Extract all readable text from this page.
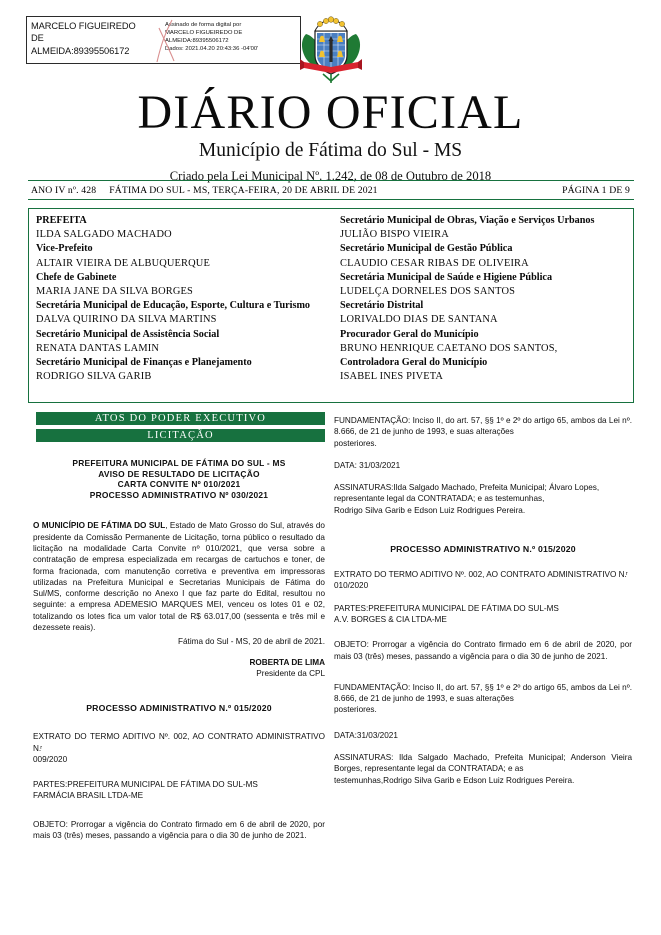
MARCELO FIGUEIREDO
DE
ALMEIDA:89395506172
Assinado de forma digital por
MARCELO FIGUEIREDO DE
ALMEIDA:89395506172
Dados: 2021.04.20 20:43:36 -04'00'
DIÁRIO OFICIAL
Município de Fátima do Sul - MS
Criado pela Lei Municipal Nº. 1.242, de 08 de Outubro de 2018
ANO IV nº. 428	FÁTIMA DO SUL - MS, TERÇA-FEIRA, 20 DE ABRIL DE 2021	PÁGINA 1 DE 9
PREFEITA
ILDA SALGADO MACHADO
Vice-Prefeito
ALTAIR VIEIRA DE ALBUQUERQUE
Chefe de Gabinete
MARIA JANE DA SILVA BORGES
Secretária Municipal de Educação, Esporte, Cultura e Turismo
DALVA QUIRINO DA SILVA MARTINS
Secretário Municipal de Assistência Social
RENATA DANTAS LAMIN
Secretário Municipal de Finanças e Planejamento
RODRIGO SILVA GARIB
Secretário Municipal de Obras, Viação e Serviços Urbanos
JULIÃO BISPO VIEIRA
Secretário Municipal de Gestão Pública
CLAUDIO CESAR RIBAS DE OLIVEIRA
Secretária Municipal de Saúde e Higiene Pública
LUDELÇA DORNELES DOS SANTOS
Secretário Distrital
LORIVALDO DIAS DE SANTANA
Procurador Geral do Município
BRUNO HENRIQUE CAETANO DOS SANTOS,
Controladora Geral do Município
ISABEL INES PIVETA
ATOS DO PODER EXECUTIVO
LICITAÇÃO
PREFEITURA MUNICIPAL DE FÁTIMA DO SUL - MS
AVISO DE RESULTADO DE LICITAÇÃO
CARTA CONVITE Nº 010/2021
PROCESSO ADMINISTRATIVO Nº 030/2021

O MUNICÍPIO DE FÁTIMA DO SUL, Estado de Mato Grosso do Sul, através do presidente da Comissão Permanente de Licitação, torna público o resultado da licitação na modalidade Carta Convite nº 010/2021, que versa sobre a contratação de empresa especializada em recargas de cartuchos e toner, de forma fracionada, com manutenção corretiva e preventiva em impressoras utilizadas na Prefeitura Municipal e Secretarias Municipais de Fátima do Sul/MS, conforme descrição no Anexo I que faz parte do Edital, resultou no seguinte: a empresa ADEMESIO MARQUES MEI, venceu os lotes 01 e 02, totalizando os lotes fica um valor total de R$ 63.017,00 (sessenta e três mil e dezessete reais).

Fátima do Sul - MS, 20 de abril de 2021.
ROBERTA DE LIMA
Presidente da CPL
PROCESSO ADMINISTRATIVO N.º 015/2020

EXTRATO DO TERMO ADITIVO Nº. 002, AO CONTRATO ADMINISTRATIVO N.ͬ

009/2020
PARTES:PREFEITURA MUNICIPAL DE FÁTIMA DO SUL-MS
FARMÁCIA BRASIL LTDA-ME

OBJETO: Prorrogar a vigência do Contrato firmado em 6 de abril de 2020, por mais 03 (três) meses, passando a vigência para o dia 30 de junho de 2021.

FUNDAMENTAÇÃO: Inciso II, do art. 57, §§ 1º e 2º do artigo 65, ambos da Lei nº. 8.666, de 21 de junho de 1993, e suas alterações

posteriores.
DATA: 31/03/2021

ASSINATURAS:Ilda Salgado Machado, Prefeita Municipal; Álvaro Lopes,

representante legal da CONTRATADA; e as testemunhas,
Rodrigo Silva Garib e Edson Luiz Rodrigues Pereira.
PROCESSO ADMINISTRATIVO N.º 015/2020

EXTRATO DO TERMO ADITIVO Nº. 002, AO CONTRATO ADMINISTRATIVO N.ͬ

010/2020
PARTES:PREFEITURA MUNICIPAL DE FÁTIMA DO SUL-MS
A.V. BORGES & CIA LTDA-ME

OBJETO: Prorrogar a vigência do Contrato firmado em 6 de abril de 2020, por mais 03 (três) meses, passando a vigência para o dia 30 de junho de 2021.

FUNDAMENTAÇÃO: Inciso II, do art. 57, §§ 1º e 2º do artigo 65, ambos da Lei nº. 8.666, de 21 de junho de 1993, e suas alterações

posteriores.
DATA:31/03/2021

ASSINATURAS: Ilda Salgado Machado, Prefeita Municipal; Anderson Vieira Borges, representante legal da CONTRATADA; e as

testemunhas,Rodrigo Silva Garib e Edson Luiz Rodrigues Pereira.
